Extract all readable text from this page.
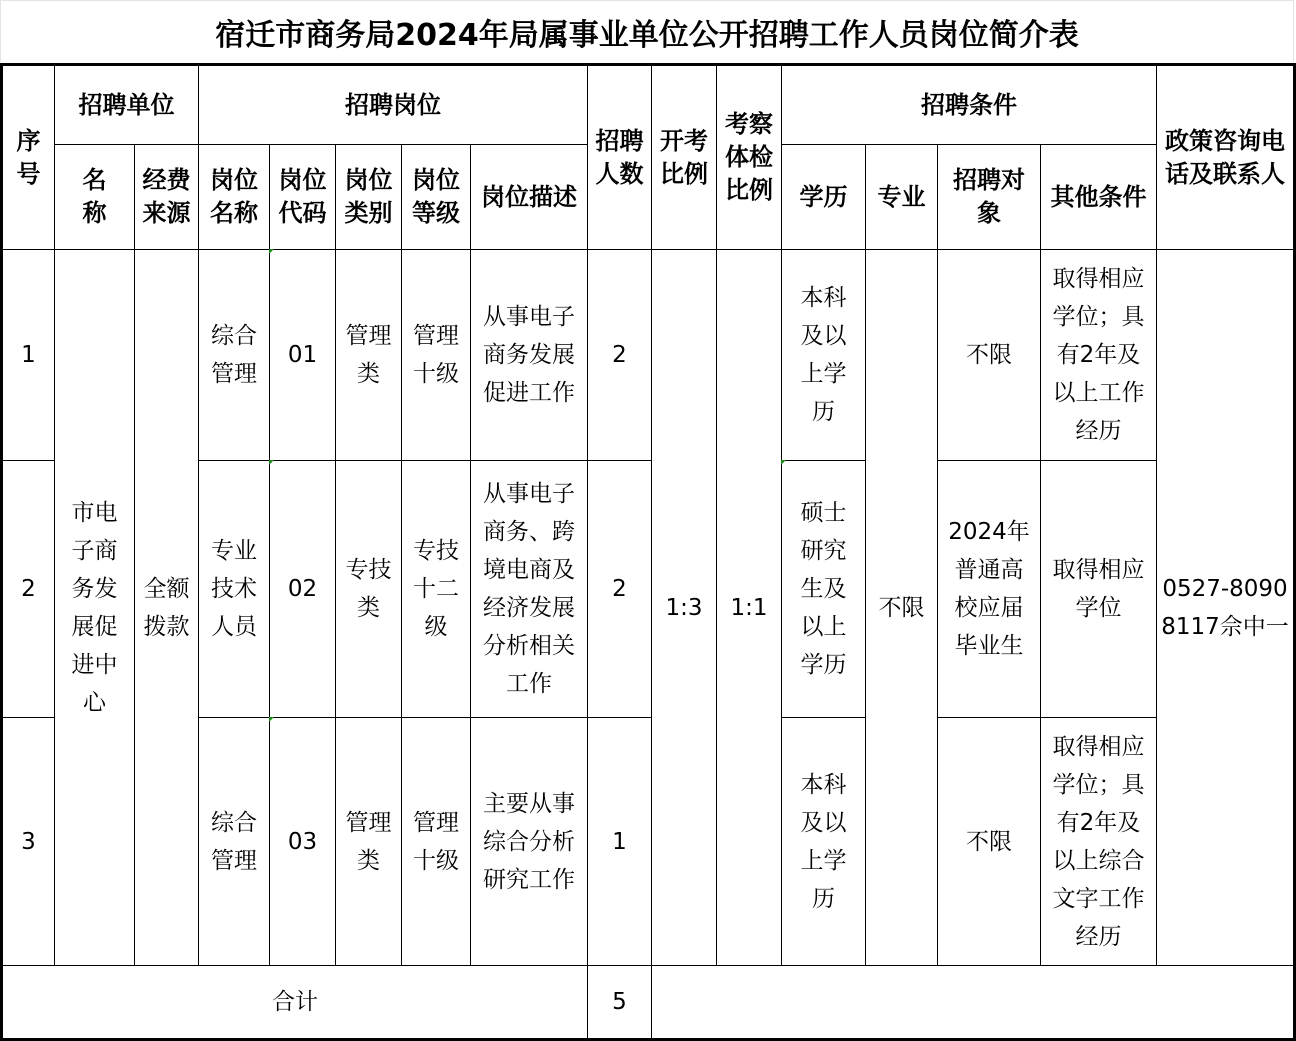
宿迁市商务局2024年局属事业单位公开招聘工作人员岗位简介表
序号	招聘单位		招聘岗位					招聘人数	开考比例	考察体检比例	招聘条件				政策咨询电话及联系人
	名　称	经费来源	岗位名称	岗位代码	岗位类别	岗位等级	岗位描述				学历	专业	招聘对象	其他条件	
1	市电子商务发展促进中心	全额拨款	综合管理	01	管理类	管理十级	从事电子商务发展促进工作	2	1:3	1:1	本科及以上学历	不限	不限	取得相应学位；具有2年及以上工作经历	0527-80908117佘中一
2			专业技术人员	02	专技类	专技十二级	从事电子商务、跨境电商及经济发展分析相关工作	2			硕士研究生及以上学历		2024年普通高校应届毕业生	取得相应学位	
3			综合管理	03	管理类	管理十级	主要从事综合分析研究工作	1			本科及以上学历		不限	取得相应学位；具有2年及以上综合文字工作经历	
合计								5							
